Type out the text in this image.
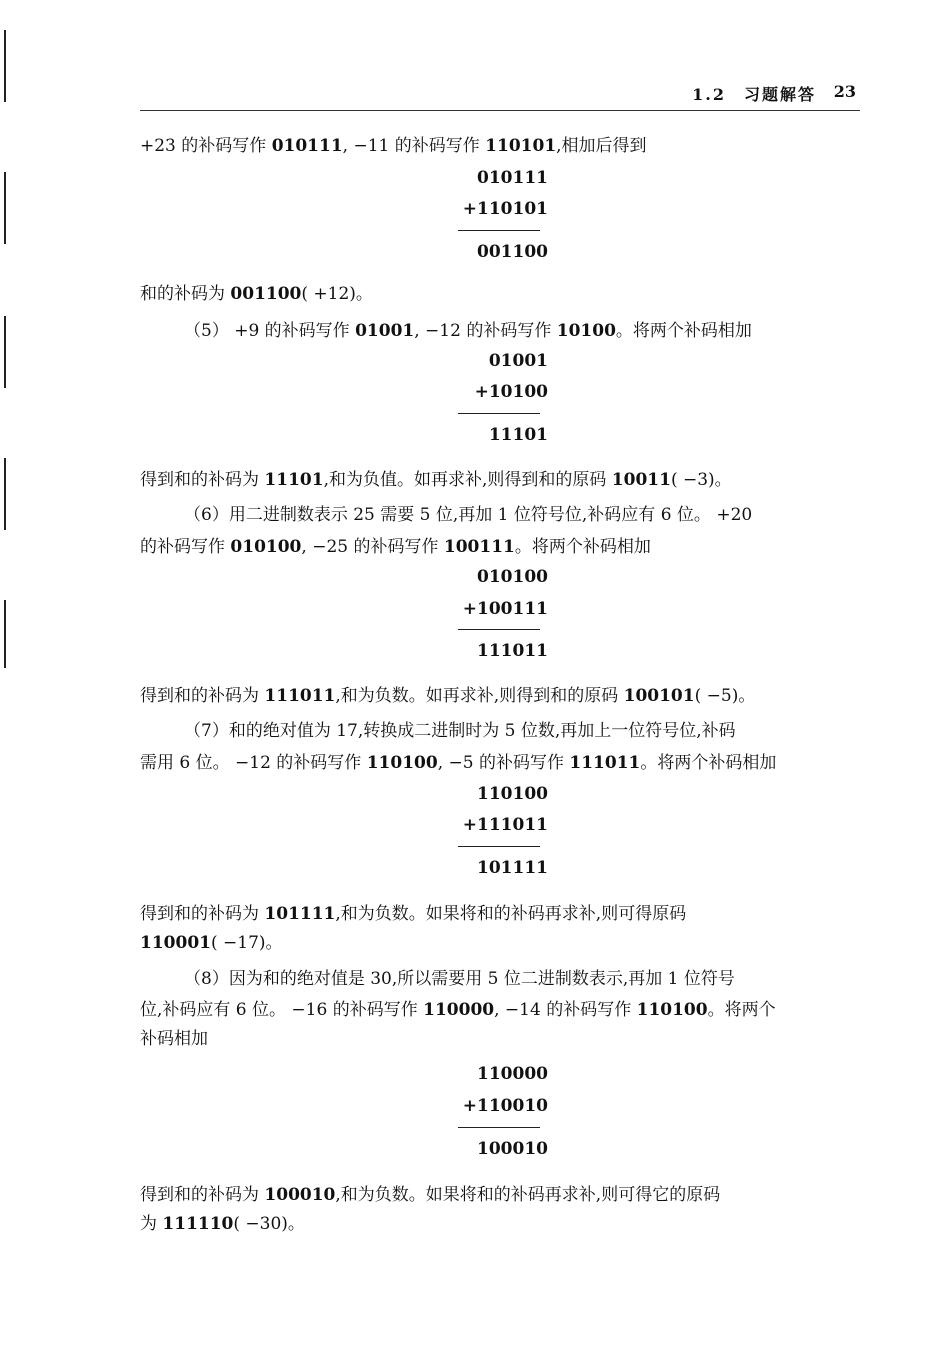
1.2　习题解答 23
+23 的补码写作 010111, −11 的补码写作 110101,相加后得到
010111
+110101
001100
和的补码为 001100( +12)。
（5） +9 的补码写作 01001, −12 的补码写作 10100。将两个补码相加
01001
+10100
11101
得到和的补码为 11101,和为负值。如再求补,则得到和的原码 10011( −3)。
（6）用二进制数表示 25 需要 5 位,再加 1 位符号位,补码应有 6 位。 +20
的补码写作 010100, −25 的补码写作 100111。将两个补码相加
010100
+100111
111011
得到和的补码为 111011,和为负数。如再求补,则得到和的原码 100101( −5)。
（7）和的绝对值为 17,转换成二进制时为 5 位数,再加上一位符号位,补码
需用 6 位。 −12 的补码写作 110100, −5 的补码写作 111011。将两个补码相加
110100
+111011
101111
得到和的补码为 101111,和为负数。如果将和的补码再求补,则可得原码
110001( −17)。
（8）因为和的绝对值是 30,所以需要用 5 位二进制数表示,再加 1 位符号
位,补码应有 6 位。 −16 的补码写作 110000, −14 的补码写作 110100。将两个
补码相加
110000
+110010
100010
得到和的补码为 100010,和为负数。如果将和的补码再求补,则可得它的原码
为 111110( −30)。
